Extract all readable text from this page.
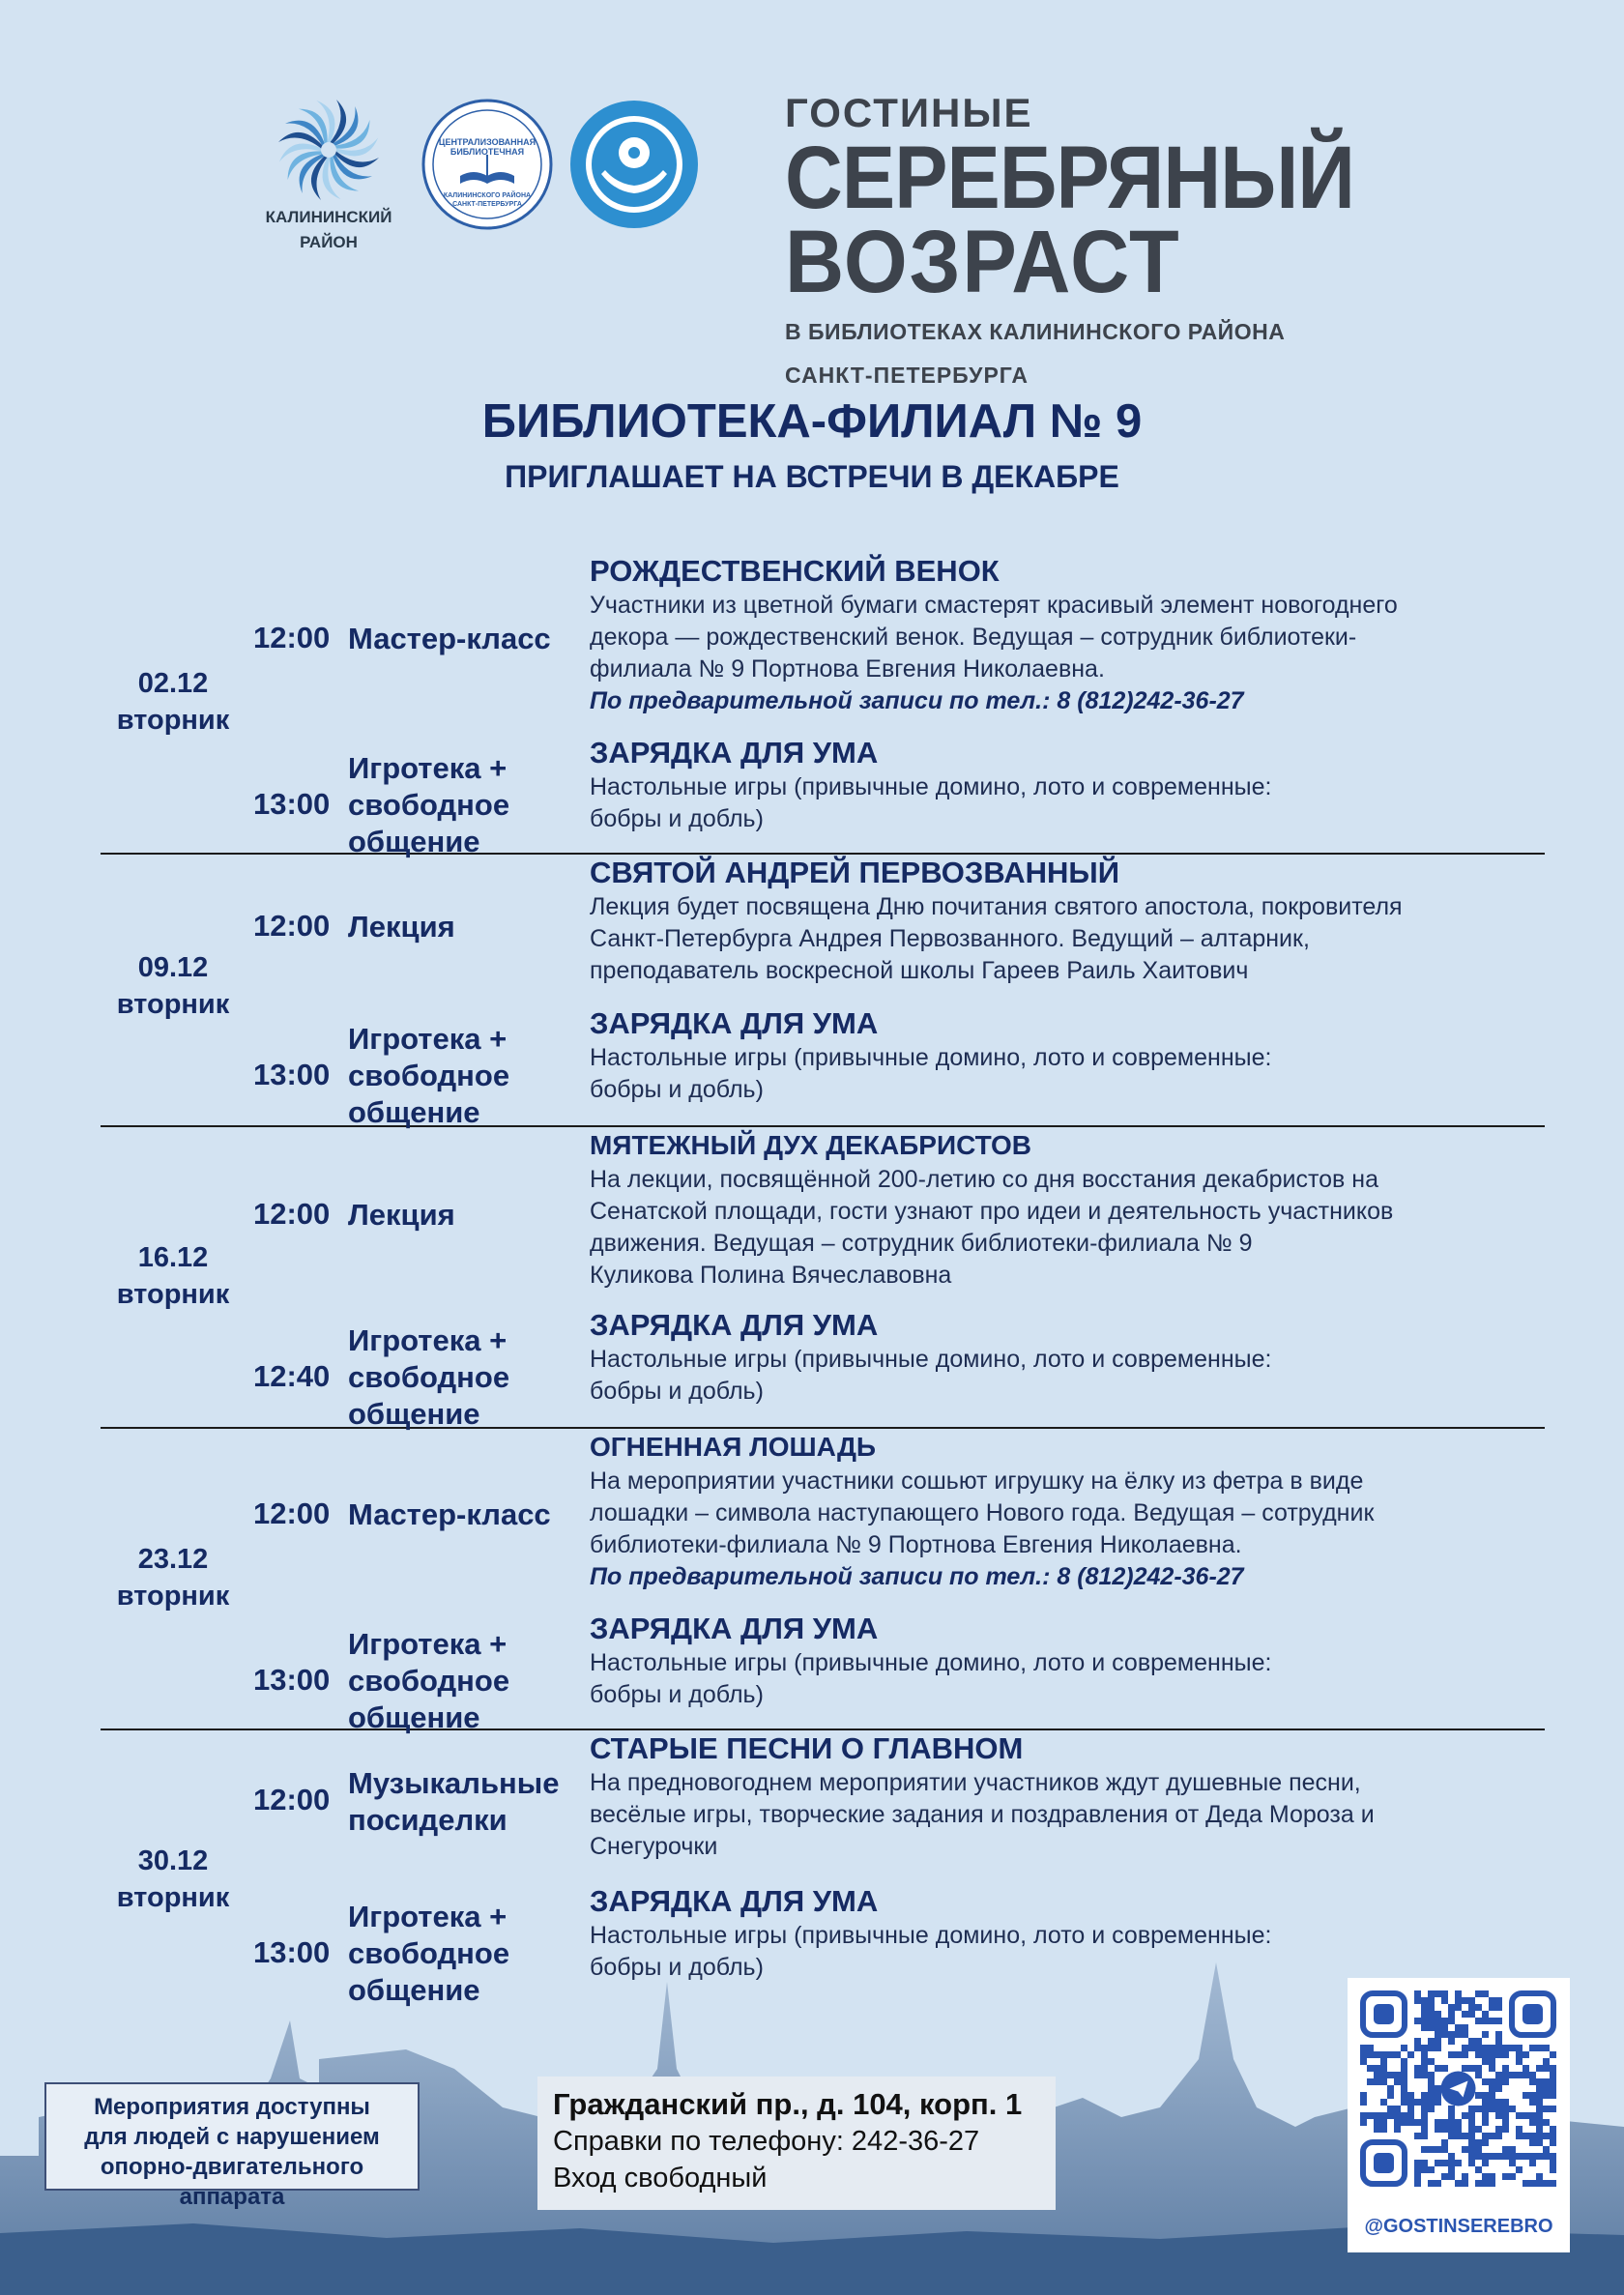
КАЛИНИНСКИЙ
РАЙОН
ЦЕНТРАЛИЗОВАННАЯ
БИБЛИОТЕЧНАЯ
КАЛИНИНСКОГО РАЙОНА
САНКТ-ПЕТЕРБУРГА
ГОСТИНЫЕ
СЕРЕБРЯНЫЙ
ВОЗРАСТ
В БИБЛИОТЕКАХ КАЛИНИНСКОГО РАЙОНА
САНКТ-ПЕТЕРБУРГА
БИБЛИОТЕКА-ФИЛИАЛ № 9
ПРИГЛАШАЕТ НА ВСТРЕЧИ В ДЕКАБРЕ
02.12
вторник
12:00 Мастер-класс
РОЖДЕСТВЕНСКИЙ ВЕНОК
Участники из цветной бумаги смастерят красивый элемент новогоднего
декора — рождественский венок. Ведущая – сотрудник библиотеки-
филиала № 9 Портнова Евгения Николаевна.
По предварительной записи по тел.: 8 (812)242-36-27
13:00
Игротека +
свободное
общение
ЗАРЯДКА ДЛЯ УМА
Настольные игры (привычные домино, лото и современные:
бобры и добль)
09.12
вторник
12:00 Лекция
СВЯТОЙ АНДРЕЙ ПЕРВОЗВАННЫЙ
Лекция будет посвящена Дню почитания святого апостола, покровителя
Санкт-Петербурга Андрея Первозванного. Ведущий – алтарник,
преподаватель воскресной школы Гареев Раиль Хаитович
13:00
Игротека +
свободное
общение
ЗАРЯДКА ДЛЯ УМА
Настольные игры (привычные домино, лото и современные:
бобры и добль)
16.12
вторник
12:00 Лекция
МЯТЕЖНЫЙ ДУХ ДЕКАБРИСТОВ
На лекции, посвящённой 200-летию со дня восстания декабристов на
Сенатской площади, гости узнают про идеи и деятельность участников
движения. Ведущая – сотрудник библиотеки-филиала № 9
Куликова Полина Вячеславовна
12:40
Игротека +
свободное
общение
ЗАРЯДКА ДЛЯ УМА
Настольные игры (привычные домино, лото и современные:
бобры и добль)
23.12
вторник
12:00 Мастер-класс
ОГНЕННАЯ ЛОШАДЬ
На мероприятии участники сошьют игрушку на ёлку из фетра в виде
лошадки – символа наступающего Нового года. Ведущая – сотрудник
библиотеки-филиала № 9 Портнова Евгения Николаевна.
По предварительной записи по тел.: 8 (812)242-36-27
13:00
Игротека +
свободное
общение
ЗАРЯДКА ДЛЯ УМА
Настольные игры (привычные домино, лото и современные:
бобры и добль)
30.12
вторник
12:00 Музыкальные
посиделки
СТАРЫЕ ПЕСНИ О ГЛАВНОМ
На предновогоднем мероприятии участников ждут душевные песни,
весёлые игры, творческие задания и поздравления от Деда Мороза и
Снегурочки
13:00
Игротека +
свободное
общение
ЗАРЯДКА ДЛЯ УМА
Настольные игры (привычные домино, лото и современные:
бобры и добль)
Мероприятия доступны
для людей с нарушением
опорно-двигательного
аппарата
Гражданский пр., д. 104, корп. 1
Справки по телефону: 242-36-27
Вход свободный
@GOSTINSEREBRO
